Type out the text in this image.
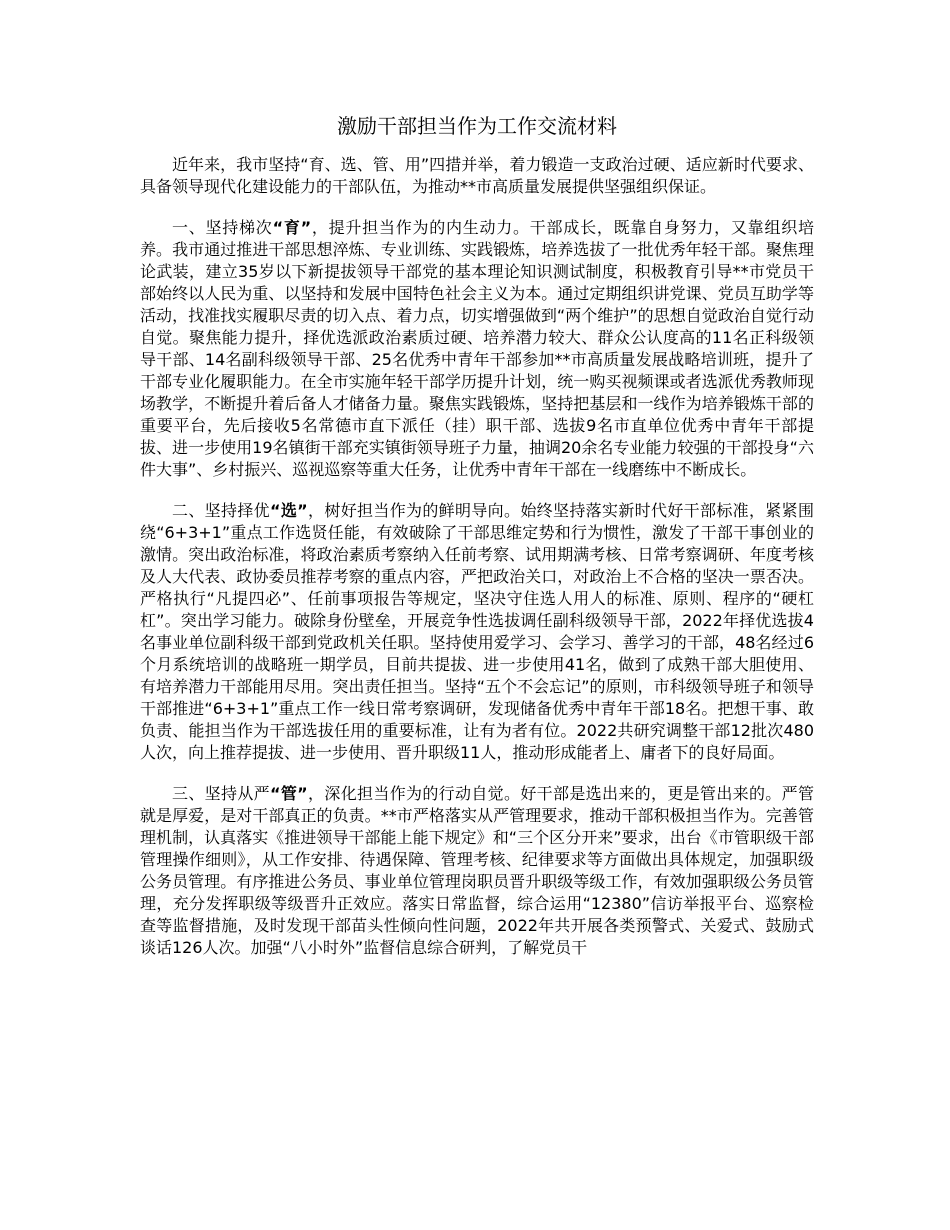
激励干部担当作为工作交流材料

近年来，我市坚持“育、选、管、用”四措并举，着力锻造一支政治过硬、适应新时代要求、具备领导现代化建设能力的干部队伍，为推动**市高质量发展提供坚强组织保证。

一、坚持梯次“育”，提升担当作为的内生动力。干部成长，既靠自身努力，又靠组织培养。我市通过推进干部思想淬炼、专业训练、实践锻炼，培养选拔了一批优秀年轻干部。聚焦理论武装，建立35岁以下新提拔领导干部党的基本理论知识测试制度，积极教育引导**市党员干部始终以人民为重、以坚持和发展中国特色社会主义为本。通过定期组织讲党课、党员互助学等活动，找准找实履职尽责的切入点、着力点，切实增强做到“两个维护”的思想自觉政治自觉行动自觉。聚焦能力提升，择优选派政治素质过硬、培养潜力较大、群众公认度高的11名正科级领导干部、14名副科级领导干部、25名优秀中青年干部参加**市高质量发展战略培训班，提升了干部专业化履职能力。在全市实施年轻干部学历提升计划，统一购买视频课或者选派优秀教师现场教学，不断提升着后备人才储备力量。聚焦实践锻炼，坚持把基层和一线作为培养锻炼干部的重要平台，先后接收5名常德市直下派任（挂）职干部、选拔9名市直单位优秀中青年干部提拔、进一步使用19名镇街干部充实镇街领导班子力量，抽调20余名专业能力较强的干部投身“六件大事”、乡村振兴、巡视巡察等重大任务，让优秀中青年干部在一线磨练中不断成长。

二、坚持择优“选”，树好担当作为的鲜明导向。始终坚持落实新时代好干部标准，紧紧围绕“6+3+1”重点工作选贤任能，有效破除了干部思维定势和行为惯性，激发了干部干事创业的激情。突出政治标准，将政治素质考察纳入任前考察、试用期满考核、日常考察调研、年度考核及人大代表、政协委员推荐考察的重点内容，严把政治关口，对政治上不合格的坚决一票否决。严格执行“凡提四必”、任前事项报告等规定，坚决守住选人用人的标准、原则、程序的“硬杠杠”。突出学习能力。破除身份壁垒，开展竞争性选拔调任副科级领导干部，2022年择优选拔4名事业单位副科级干部到党政机关任职。坚持使用爱学习、会学习、善学习的干部，48名经过6个月系统培训的战略班一期学员，目前共提拔、进一步使用41名，做到了成熟干部大胆使用、有培养潜力干部能用尽用。突出责任担当。坚持“五个不会忘记”的原则，市科级领导班子和领导干部推进“6+3+1”重点工作一线日常考察调研，发现储备优秀中青年干部18名。把想干事、敢负责、能担当作为干部选拔任用的重要标准，让有为者有位。2022共研究调整干部12批次480人次，向上推荐提拔、进一步使用、晋升职级11人，推动形成能者上、庸者下的良好局面。

三、坚持从严“管”，深化担当作为的行动自觉。好干部是选出来的，更是管出来的。严管就是厚爱，是对干部真正的负责。**市严格落实从严管理要求，推动干部积极担当作为。完善管理机制，认真落实《推进领导干部能上能下规定》和“三个区分开来”要求，出台《市管职级干部管理操作细则》，从工作安排、待遇保障、管理考核、纪律要求等方面做出具体规定，加强职级公务员管理。有序推进公务员、事业单位管理岗职员晋升职级等级工作，有效加强职级公务员管理，充分发挥职级等级晋升正效应。落实日常监督，综合运用“12380”信访举报平台、巡察检查等监督措施，及时发现干部苗头性倾向性问题，2022年共开展各类预警式、关爱式、鼓励式谈话126人次。加强“八小时外”监督信息综合研判，了解党员干
